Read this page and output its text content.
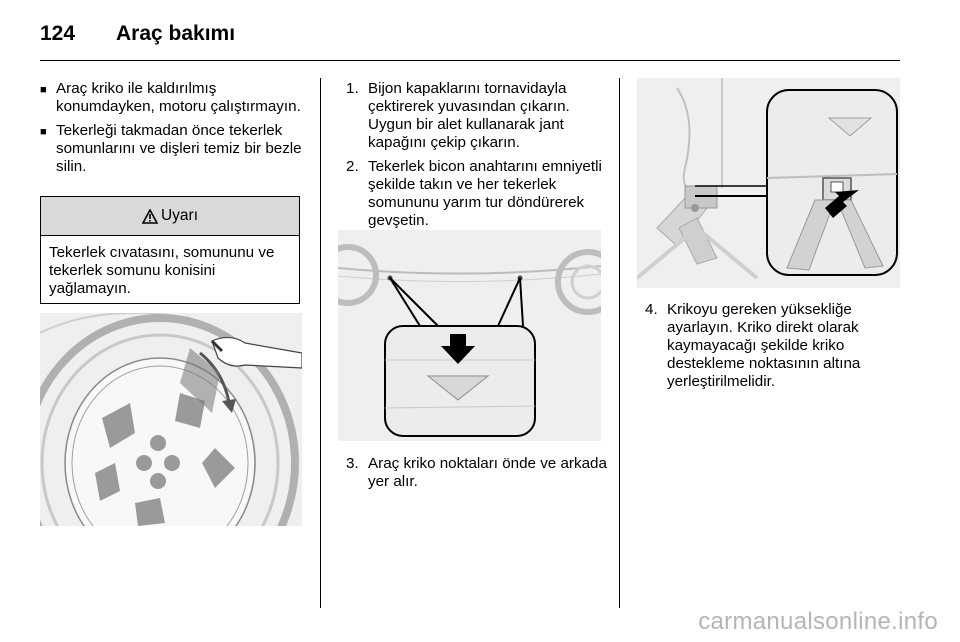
124	Araç bakımı
■ Araç kriko ile kaldırılmış konumdayken, motoru çalıştırmayın.
■ Tekerleği takmadan önce tekerlek somunlarını ve dişleri temiz bir bezle silin.
Uyarı
Tekerlek cıvatasını, somununu ve tekerlek somunu konisini yağlamayın.
1. Bijon kapaklarını tornavidayla çektirerek yuvasından çıkarın. Uygun bir alet kullanarak jant kapağını çekip çıkarın.
2. Tekerlek bicon anahtarını emniyetli şekilde takın ve her tekerlek somununu yarım tur döndürerek gevşetin.
3. Araç kriko noktaları önde ve arkada yer alır.
4. Krikoyu gereken yüksekliğe ayarlayın. Kriko direkt olarak kaymayacağı şekilde kriko destekleme noktasının altına yerleştirilmelidir.
carmanualsonline.info
